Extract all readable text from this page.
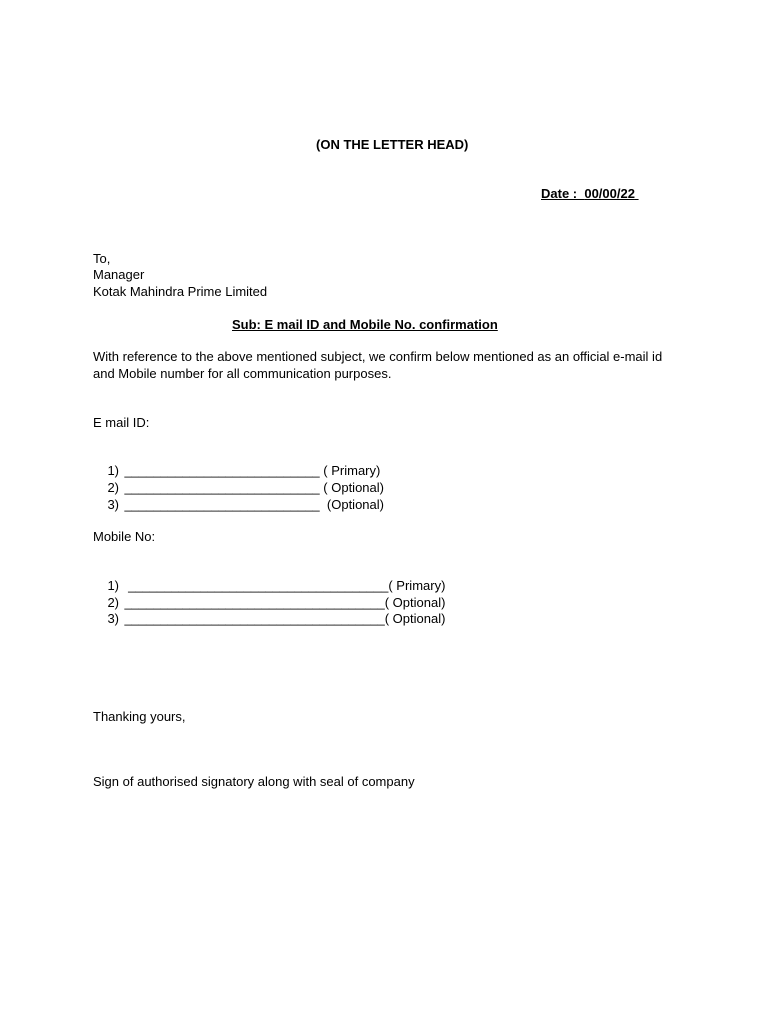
(ON THE LETTER HEAD)
Date :  00/00/22
To,
Manager
Kotak Mahindra Prime Limited
Sub: E mail ID and Mobile No. confirmation
With reference to the above mentioned subject, we confirm below mentioned as an official e-mail id
and Mobile number for all communication purposes.
E mail ID:

1) ___________________________ ( Primary)

2) ___________________________ ( Optional)

3) ___________________________  (Optional)

Mobile No:

1) ____________________________________( Primary)

2) ____________________________________( Optional)

3) ____________________________________( Optional)

Thanking yours,
Sign of authorised signatory along with seal of company
